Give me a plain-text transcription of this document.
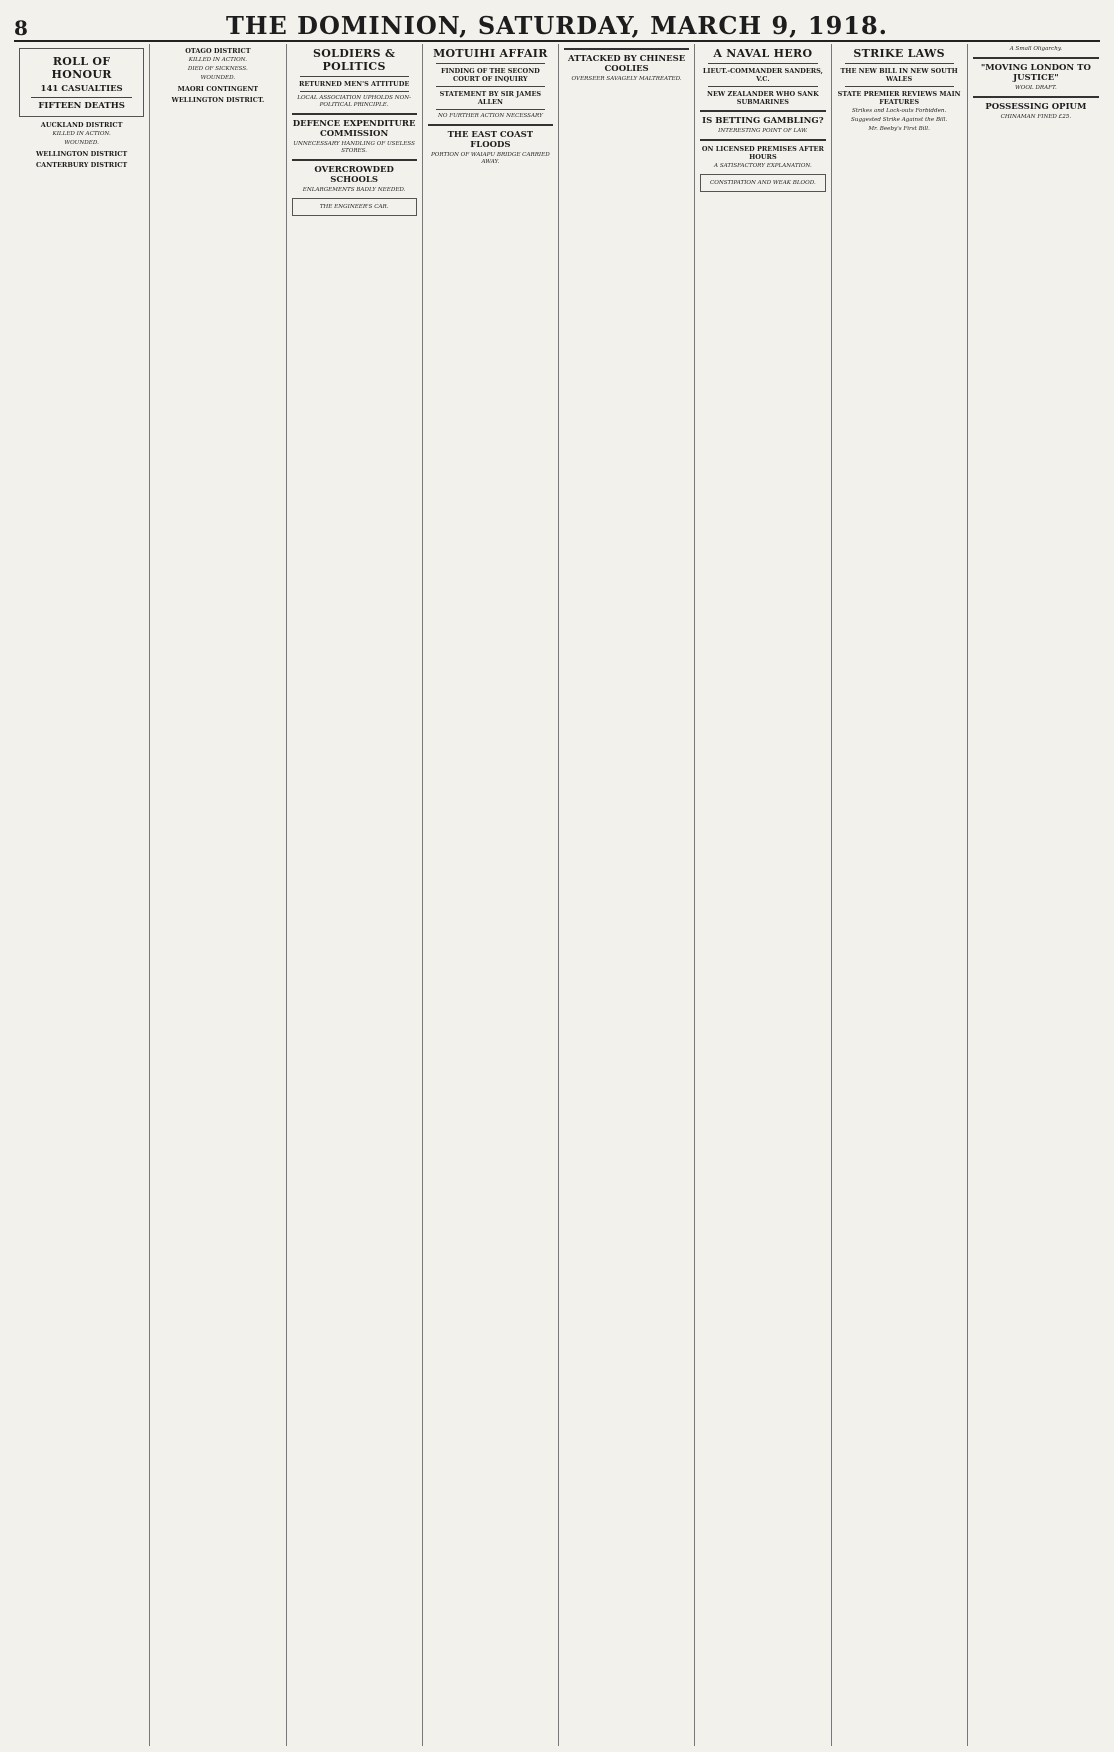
8	THE DOMINION, SATURDAY, MARCH 9, 1918.
ROLL OF HONOUR
141 CASUALTIES
FIFTEEN DEATHS
AUCKLAND DISTRICT
KILLED IN ACTION.
WOUNDED.
WELLINGTON DISTRICT
CANTERBURY DISTRICT
OTAGO DISTRICT
KILLED IN ACTION.
DIED OF SICKNESS.
WOUNDED.
MAORI CONTINGENT
WELLINGTON DISTRICT.
SOLDIERS & POLITICS
RETURNED MEN'S ATTITUDE
LOCAL ASSOCIATION UPHOLDS NON-POLITICAL PRINCIPLE.
DEFENCE EXPENDITURE COMMISSION
UNNECESSARY HANDLING OF USELESS STORES.
OVERCROWDED SCHOOLS
ENLARGEMENTS BADLY NEEDED.
THE ENGINEER'S CAR.
MOTUIHI AFFAIR
FINDING OF THE SECOND COURT OF INQUIRY
STATEMENT BY SIR JAMES ALLEN
NO FURTHER ACTION NECESSARY
THE EAST COAST FLOODS
PORTION OF WAIAPU BRIDGE CARRIED AWAY.
ATTACKED BY CHINESE COOLIES
OVERSEER SAVAGELY MALTREATED.
A NAVAL HERO
LIEUT.-COMMANDER SANDERS, V.C.
NEW ZEALANDER WHO SANK SUBMARINES
IS BETTING GAMBLING?
INTERESTING POINT OF LAW.
ON LICENSED PREMISES AFTER HOURS
A SATISFACTORY EXPLANATION.
CONSTIPATION AND WEAK BLOOD.
STRIKE LAWS
THE NEW BILL IN NEW SOUTH WALES
STATE PREMIER REVIEWS MAIN FEATURES
Strikes and Lock-outs Forbidden.
Suggested Strike Against the Bill.
Mr. Beeby's First Bill.
A Small Oligarchy.
"MOVING LONDON TO JUSTICE"
WOOL DRAFT.
POSSESSING OPIUM
CHINAMAN FINED £25.
